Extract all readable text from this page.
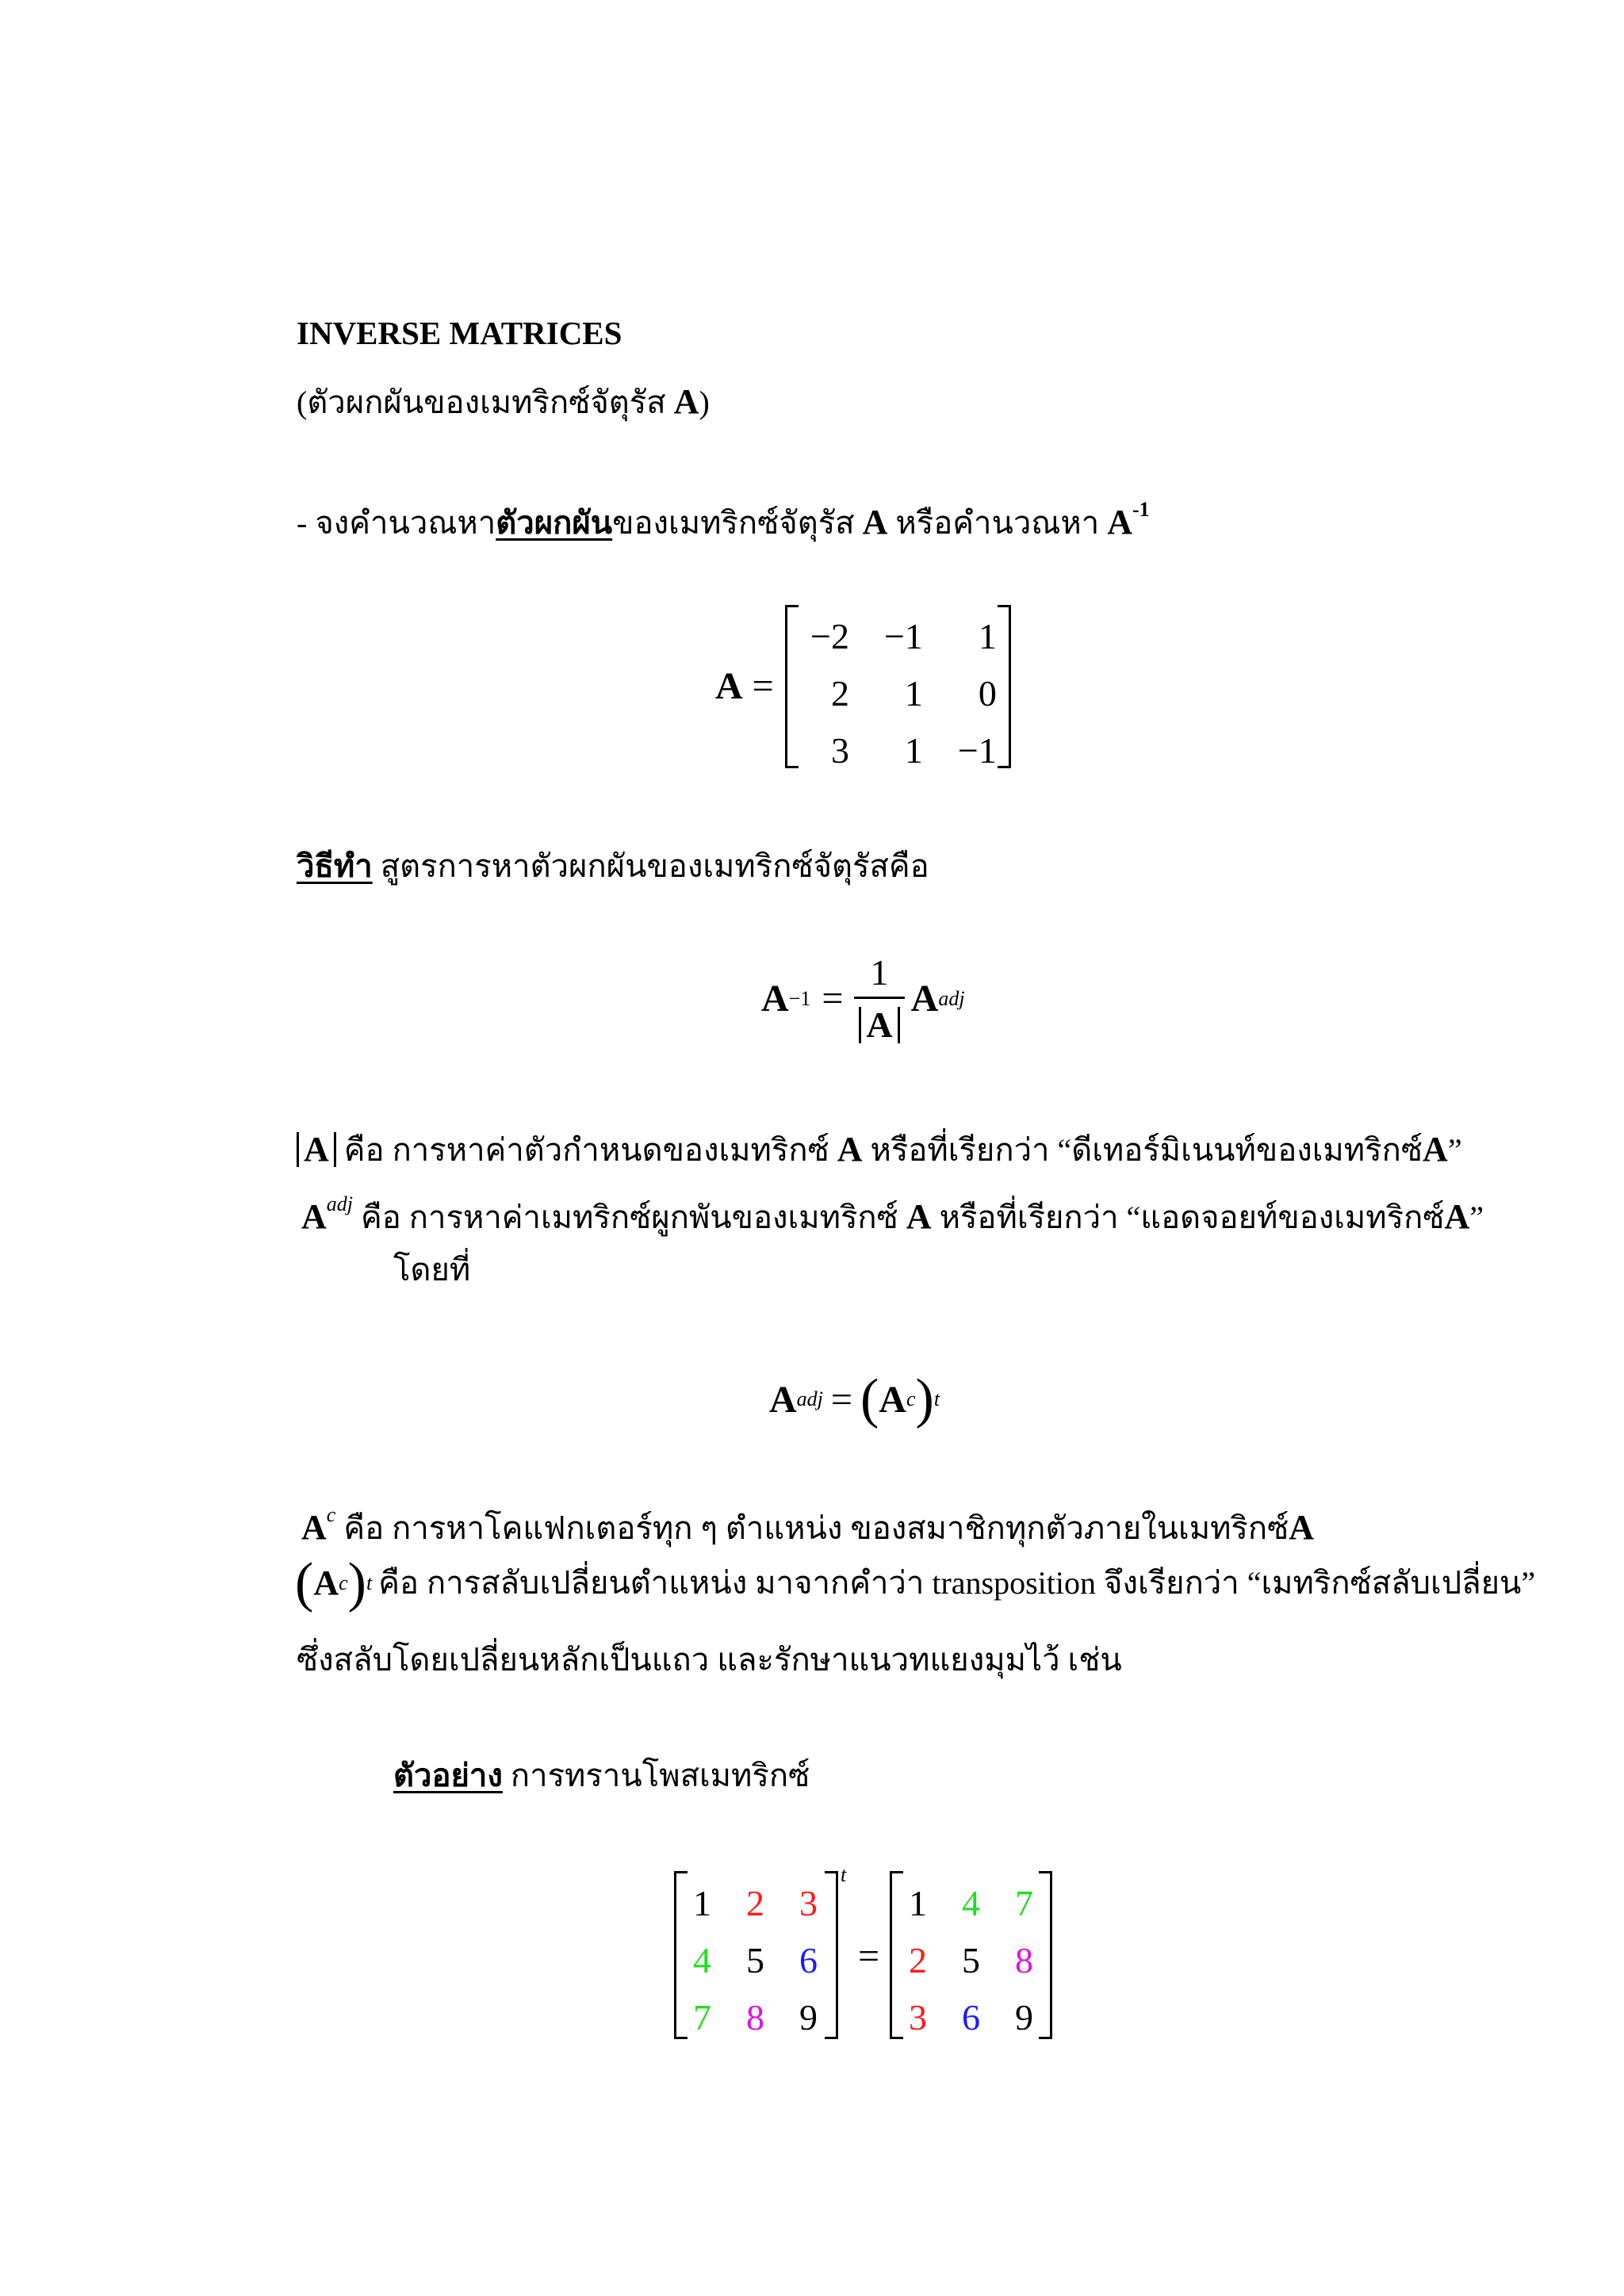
INVERSE MATRICES
(ตัวผกผันของเมทริกซ์จัตุรัส A)
- จงคำนวณหาตัวผกผันของเมทริกซ์จัตุรัส A หรือคำนวณหา $A^{-1}$
A =
−2	−1	1
2	1	0
3	1	−1
วิธีทำ สูตรการหาตัวผกผันของเมทริกซ์จัตุรัสคือ
$A -1 = \frac{1}{A}$ A adj
A คือ การหาค่าตัวกำหนดของเมทริกซ์ A หรือที่เรียกว่า “ดีเทอร์มิเนนท์ของเมทริกซ์A”
$A^{adj}$ คือ การหาค่าเมทริกซ์ผูกพันของเมทริกซ์ A หรือที่เรียกว่า “แอดจอยท์ของเมทริกซ์A”
โดยที่
A adj = ( A c ) t
$A^c$ คือ การหาโคแฟกเตอร์ทุก ๆ ตำแหน่ง ของสมาชิกทุกตัวภายในเมทริกซ์A
( A c ) t คือ การสลับเปลี่ยนตำแหน่ง มาจากคำว่า transposition จึงเรียกว่า “เมทริกซ์สลับเปลี่ยน”
ซึ่งสลับโดยเปลี่ยนหลักเป็นแถว และรักษาแนวทแยงมุมไว้ เช่น
ตัวอย่าง การทรานโพสเมทริกซ์
1	2	3
4	5	6
7	8	9
t
=
1	4	7
2	5	8
3	6	9
